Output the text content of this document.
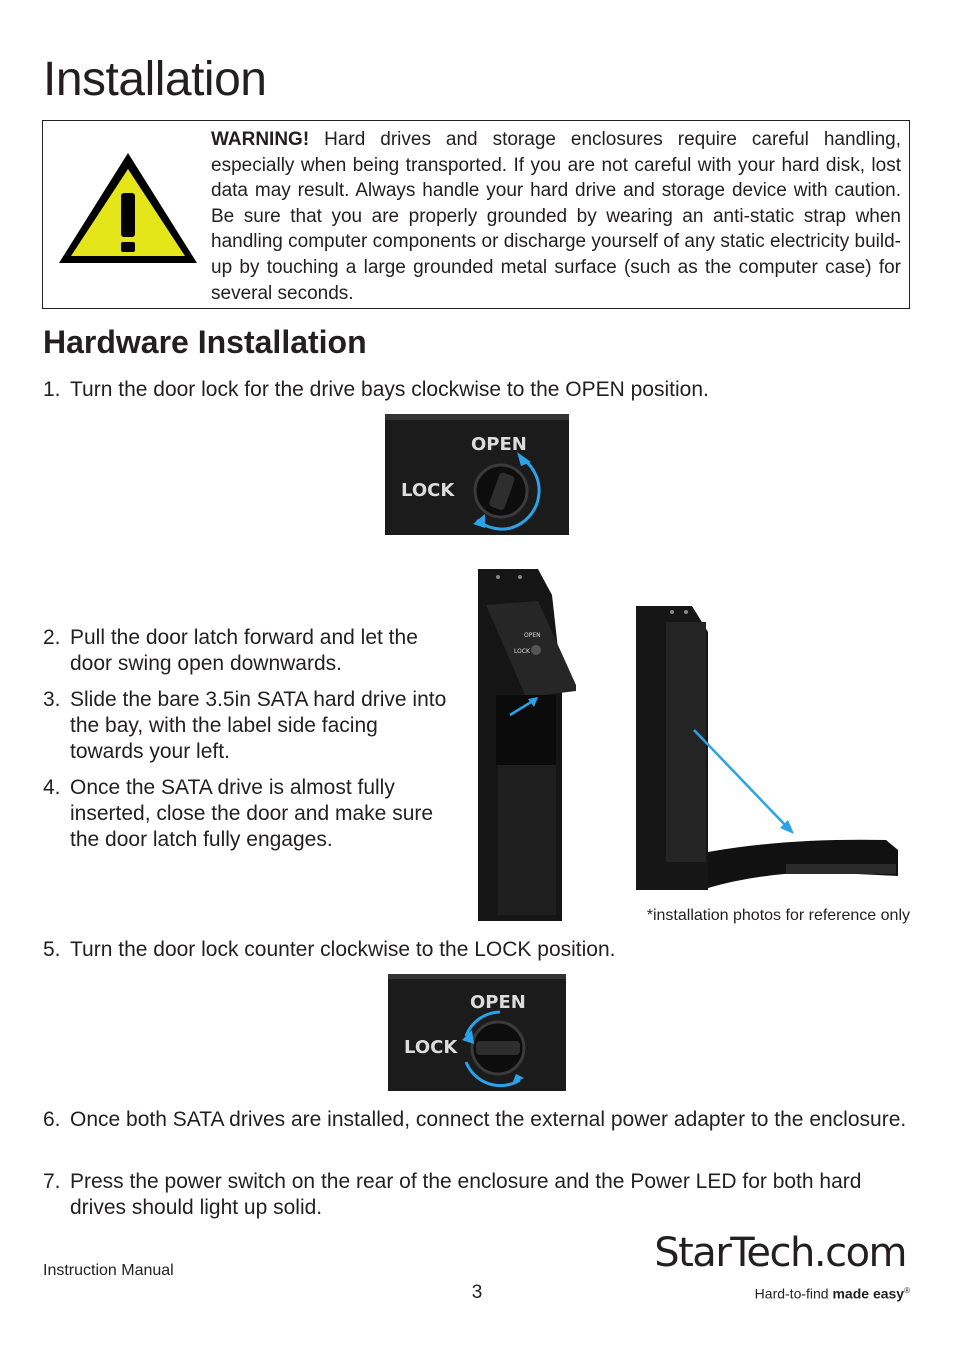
Installation
WARNING! Hard drives and storage enclosures require careful handling, especially when being transported. If you are not careful with your hard disk, lost data may result. Always handle your hard drive and storage device with caution. Be sure that you are properly grounded by wearing an anti-static strap when handling computer components or discharge yourself of any static electricity build-up by touching a large grounded metal surface (such as the computer case) for several seconds.
Hardware Installation
1. Turn the door lock for the drive bays clockwise to the OPEN position.
OPEN
LOCK
2. Pull the door latch forward and let the door swing open downwards.
3. Slide the bare 3.5in SATA hard drive into the bay, with the label side facing towards your left.
4. Once the SATA drive is almost fully inserted, close the door and make sure the door latch fully engages.
OPEN
LOCK
*installation photos for reference only
5. Turn the door lock counter clockwise to the LOCK position.
OPEN
LOCK
6. Once both SATA drives are installed, connect the external power adapter to the enclosure.
7. Press the power switch on the rear of the enclosure and the Power LED for both hard drives should light up solid.
Instruction Manual
3
StarTech.com
Hard-to-find made easy®
